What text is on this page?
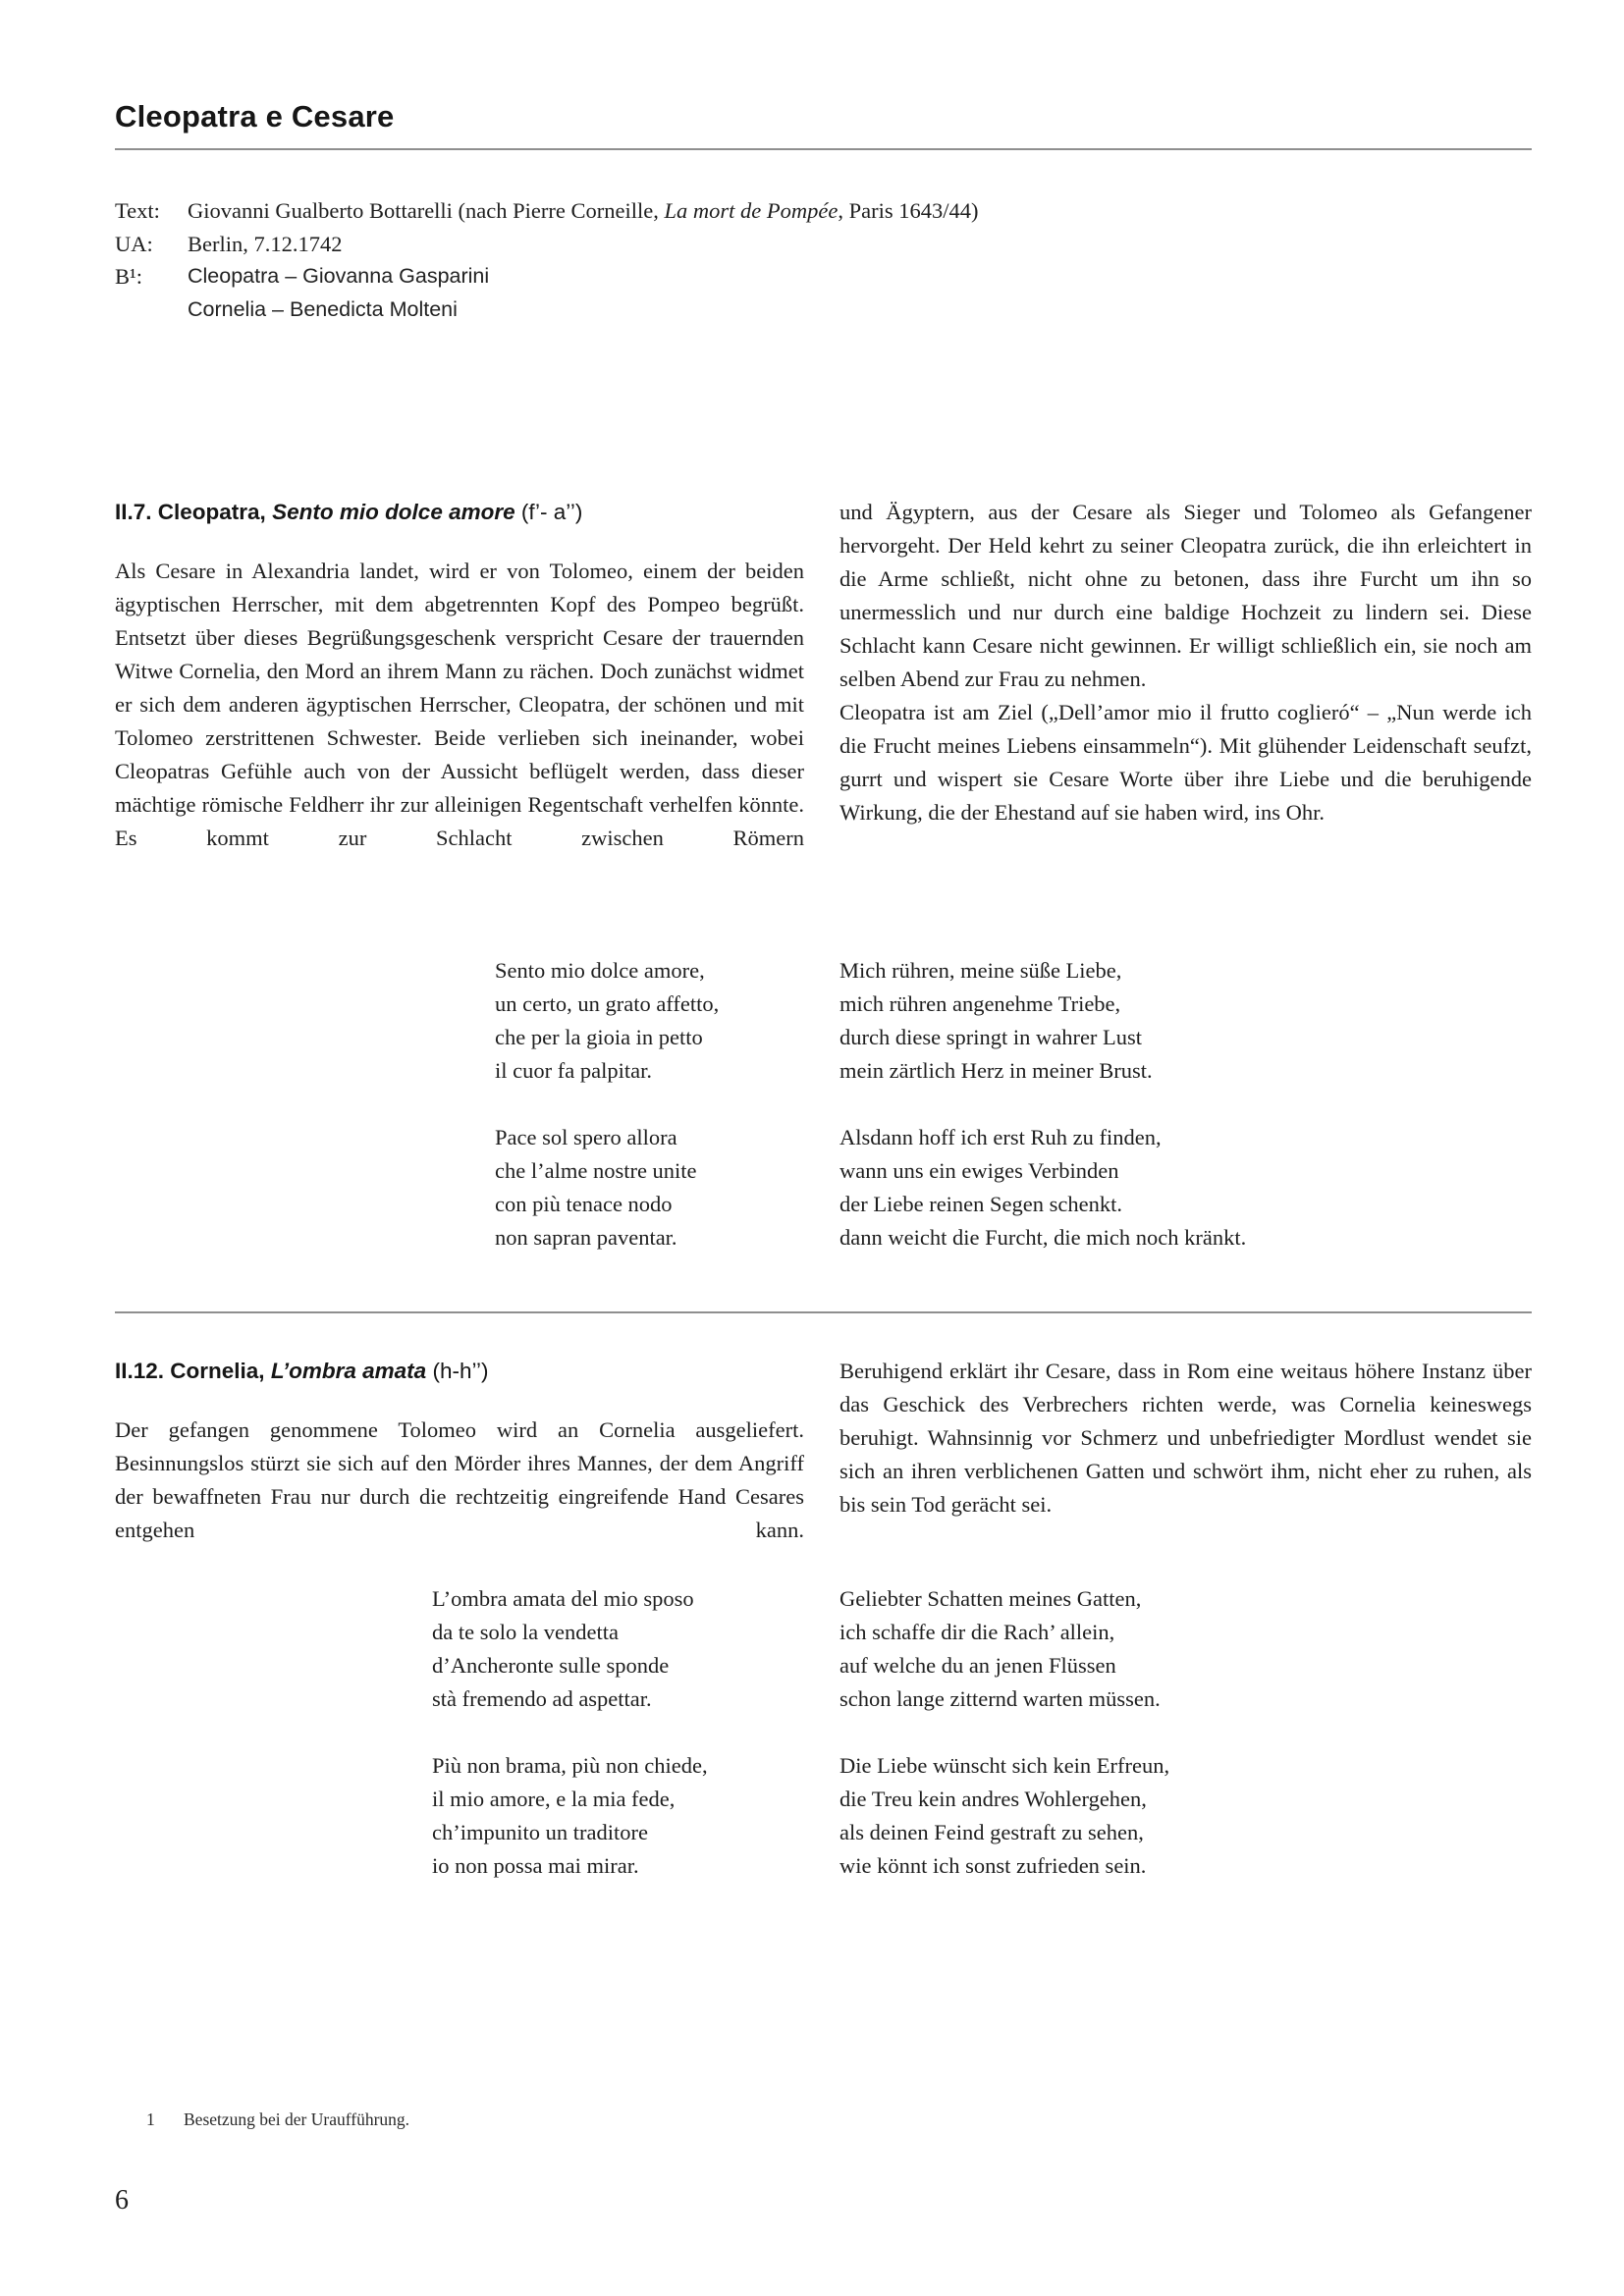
Cleopatra e Cesare
Text:	Giovanni Gualberto Bottarelli (nach Pierre Corneille, La mort de Pompée, Paris 1643/44)
UA:	Berlin, 7.12.1742
B¹:	Cleopatra – Giovanna Gasparini
Cornelia – Benedicta Molteni
II.7. Cleopatra, Sento mio dolce amore (f’- a’’)

Als Cesare in Alexandria landet, wird er von Tolomeo, einem der beiden ägyptischen Herrscher, mit dem abgetrennten Kopf des Pompeo begrüßt. Entsetzt über dieses Begrüßungsgeschenk verspricht Cesare der trauernden Witwe Cornelia, den Mord an ihrem Mann zu rächen. Doch zunächst widmet er sich dem anderen ägyptischen Herrscher, Cleopatra, der schönen und mit Tolomeo zerstrittenen Schwester. Beide verlieben sich ineinander, wobei Cleopatras Gefühle auch von der Aussicht beflügelt werden, dass dieser mächtige römische Feldherr ihr zur alleinigen Regentschaft verhelfen könnte. Es kommt zur Schlacht zwischen Römern

und Ägyptern, aus der Cesare als Sieger und Tolomeo als Gefangener hervorgeht. Der Held kehrt zu seiner Cleopatra zurück, die ihn erleichtert in die Arme schließt, nicht ohne zu betonen, dass ihre Furcht um ihn so unermesslich und nur durch eine baldige Hochzeit zu lindern sei. Diese Schlacht kann Cesare nicht gewinnen. Er willigt schließlich ein, sie noch am selben Abend zur Frau zu nehmen.

Cleopatra ist am Ziel („Dell’amor mio il frutto coglieró“ – „Nun werde ich die Frucht meines Liebens einsammeln“). Mit glühender Leidenschaft seufzt, gurrt und wispert sie Cesare Worte über ihre Liebe und die beruhigende Wirkung, die der Ehestand auf sie haben wird, ins Ohr.

Sento mio dolce amore,
un certo, un grato affetto,
che per la gioia in petto
il cuor fa palpitar.
Pace sol spero allora
che l’alme nostre unite
con più tenace nodo
non sapran paventar.
Mich rühren, meine süße Liebe,
mich rühren angenehme Triebe,
durch diese springt in wahrer Lust
mein zärtlich Herz in meiner Brust.
Alsdann hoff ich erst Ruh zu finden,
wann uns ein ewiges Verbinden
der Liebe reinen Segen schenkt.
dann weicht die Furcht, die mich noch kränkt.
II.12. Cornelia, L’ombra amata (h-h’’)

Der gefangen genommene Tolomeo wird an Cornelia ausgeliefert. Besinnungslos stürzt sie sich auf den Mörder ihres Mannes, der dem Angriff der bewaffneten Frau nur durch die rechtzeitig eingreifende Hand Cesares entgehen kann.

Beruhigend erklärt ihr Cesare, dass in Rom eine weitaus höhere Instanz über das Geschick des Verbrechers richten werde, was Cornelia keineswegs beruhigt. Wahnsinnig vor Schmerz und unbefriedigter Mordlust wendet sie sich an ihren verblichenen Gatten und schwört ihm, nicht eher zu ruhen, als bis sein Tod gerächt sei.

L’ombra amata del mio sposo
da te solo la vendetta
d’Ancheronte sulle sponde
stà fremendo ad aspettar.
Più non brama, più non chiede,
il mio amore, e la mia fede,
ch’impunito un traditore
io non possa mai mirar.
Geliebter Schatten meines Gatten,
ich schaffe dir die Rach’ allein,
auf welche du an jenen Flüssen
schon lange zitternd warten müssen.
Die Liebe wünscht sich kein Erfreun,
die Treu kein andres Wohlergehen,
als deinen Feind gestraft zu sehen,
wie könnt ich sonst zufrieden sein.
1	Besetzung bei der Uraufführung.
6
